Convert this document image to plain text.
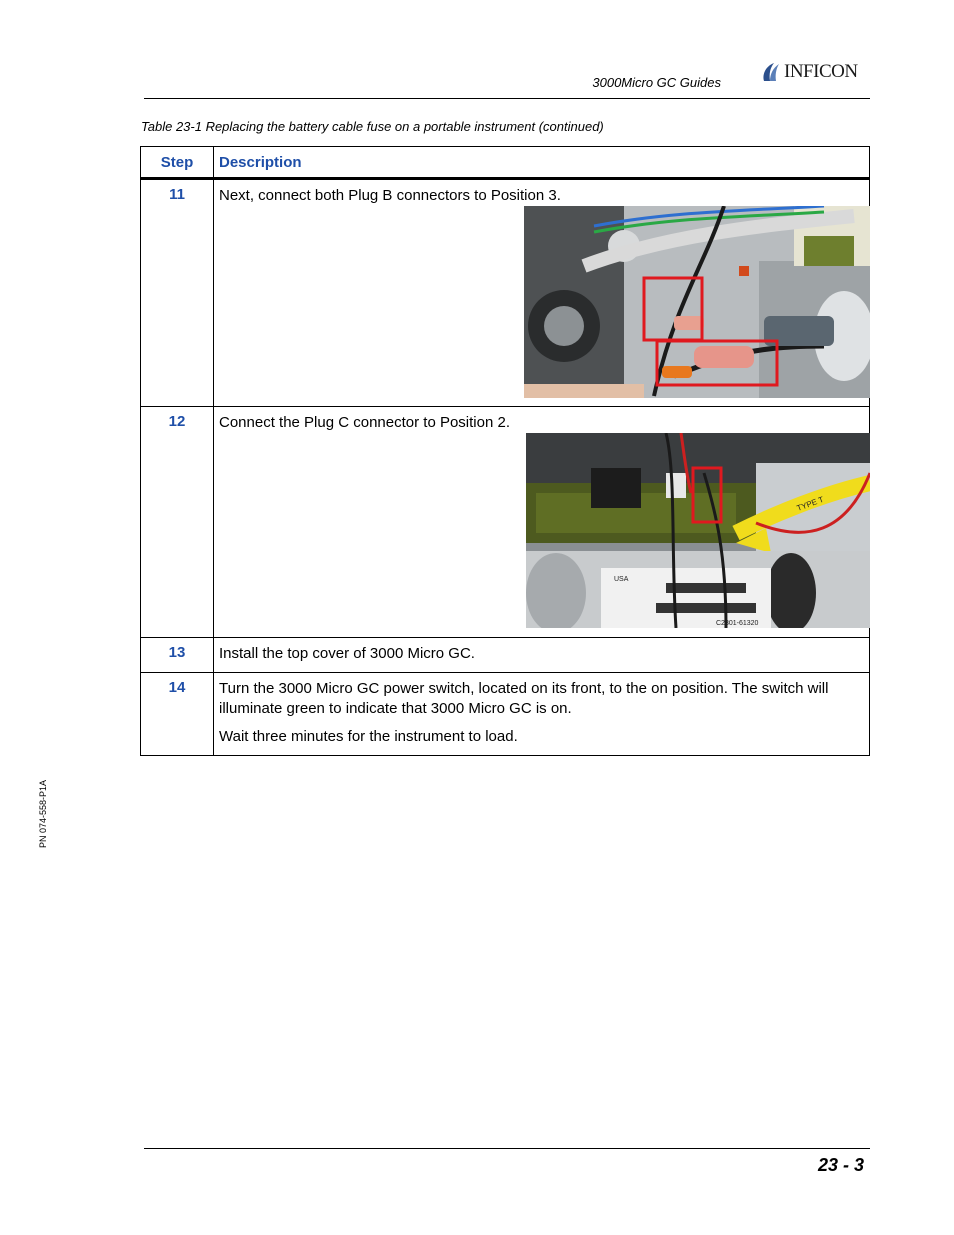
3000Micro GC Guides
INFICON
Table 23-1 Replacing the battery cable fuse on a portable instrument (continued)
Step	Description
11	Next, connect both Plug B connectors to Position 3.

12	Connect the Plug C connector to Position 2.

TYPE T
USA
C2801-61320

13	Install the top cover of 3000 Micro GC.

14	Turn the 3000 Micro GC power switch, located on its front, to the on position. The switch will illuminate green to indicate that 3000 Micro GC is on.

Wait three minutes for the instrument to load.

PN 074-558-P1A
23 - 3
